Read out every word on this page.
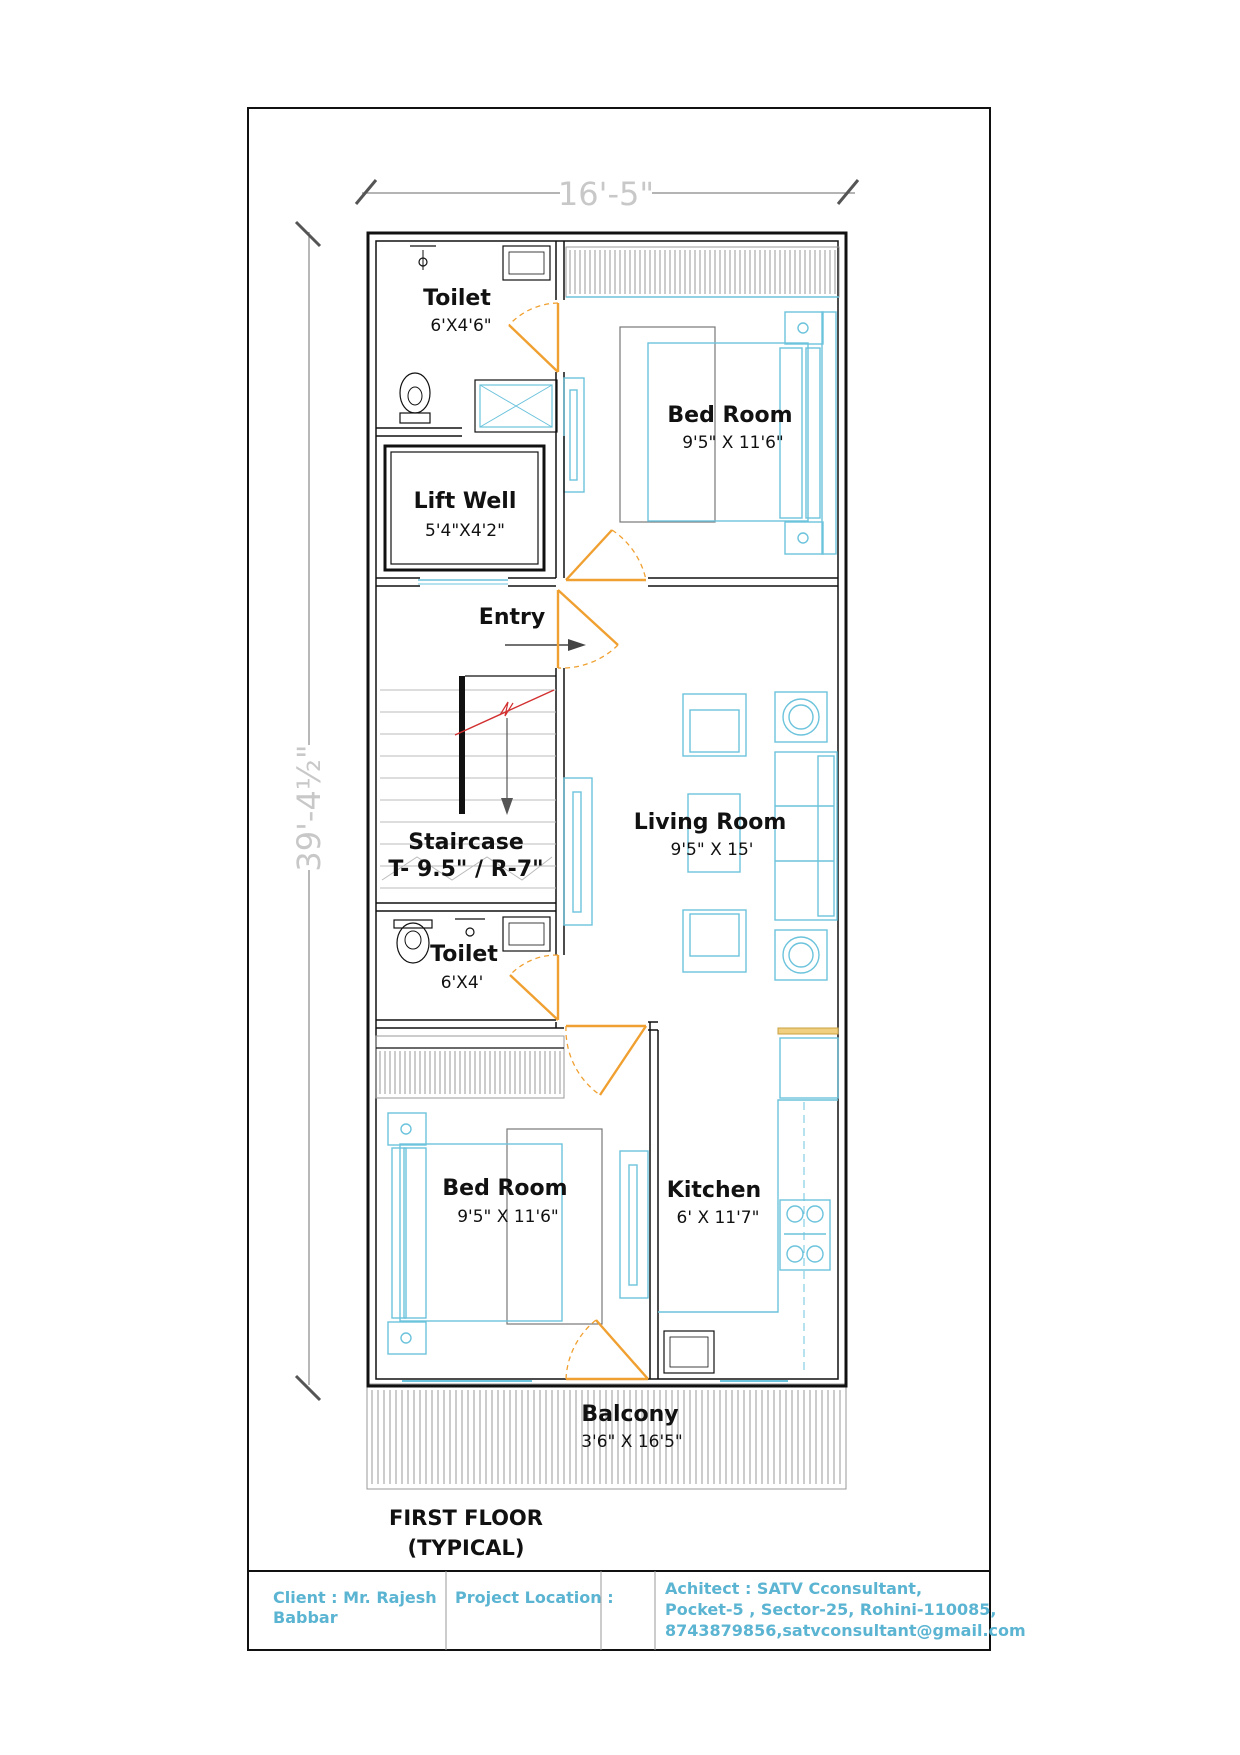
16'-5"
39'-4½"
Toilet
6'X4'6"
Bed Room
9'5" X 11'6"
Lift Well
5'4"X4'2"
Entry
Staircase
T- 9.5" / R-7"
Living Room
9'5" X 15'
Toilet
6'X4'
Bed Room
9'5" X 11'6"
Kitchen
6' X 11'7"
Balcony
3'6" X 16'5"
FIRST FLOOR
(TYPICAL)
Client : Mr. Rajesh
Babbar
Project Location :	Achitect : SATV Cconsultant,
Pocket-5 , Sector-25, Rohini-110085,
8743879856,satvconsultant@gmail.com
